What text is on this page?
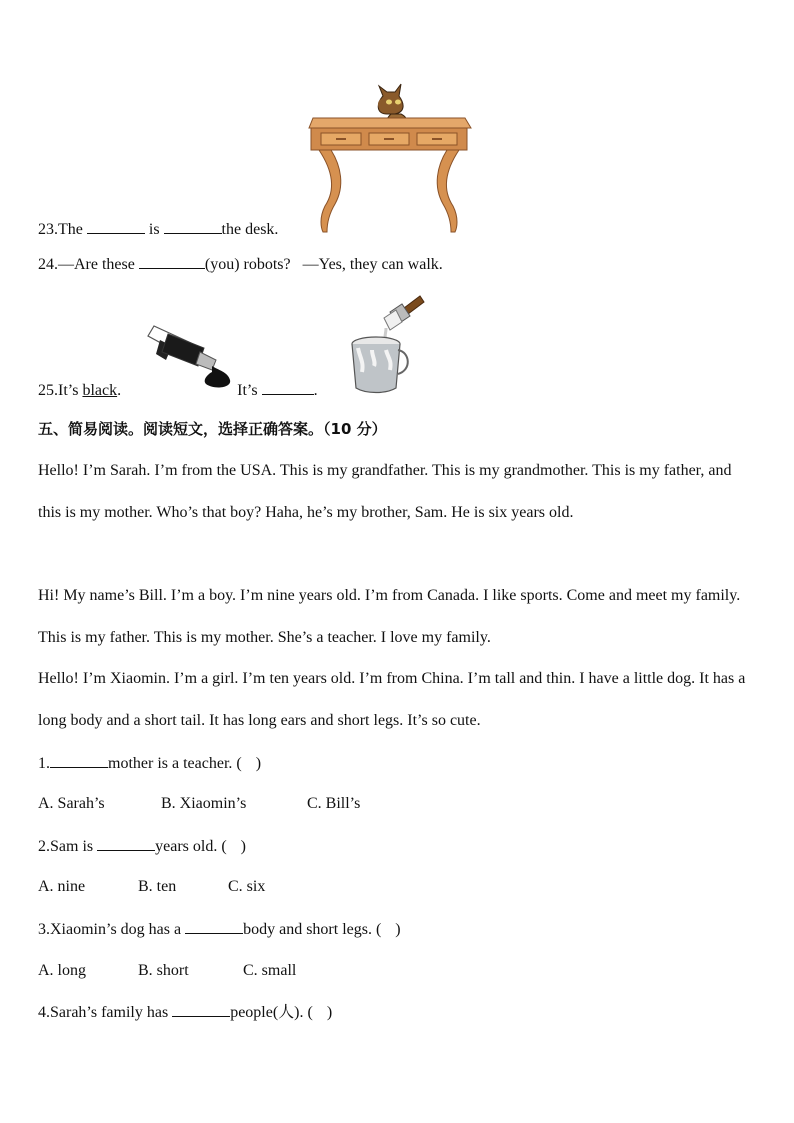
23.The	is	the desk.
24.—Are these	(you) robots? —Yes, they can walk.
25.It’s black.	It’s	.
五、简易阅读。阅读短文，选择正确答案。（10 分）
Hello! I’m Sarah. I’m from the USA. This is my grandfather. This is my grandmother. This is my father, and this is my mother. Who’s that boy? Haha, he’s my brother, Sam. He is six years old.
Hi! My name’s Bill. I’m a boy. I’m nine years old. I’m from Canada. I like sports. Come and meet my family. This is my father. This is my mother. She’s a teacher. I love my family.
Hello! I’m Xiaomin. I’m a girl. I’m ten years old. I’m from China. I’m tall and thin. I have a little dog. It has a long body and a short tail. It has long ears and short legs. It’s so cute.
1.	mother is a teacher. ( )
A. Sarah’s	B. Xiaomin’s	C. Bill’s
2.Sam is	years old. ( )
A. nine	B. ten	C. six
3.Xiaomin’s dog has a	body and short legs. ( )
A. long	B. short	C. small
4.Sarah’s family has	people(人). ( )
